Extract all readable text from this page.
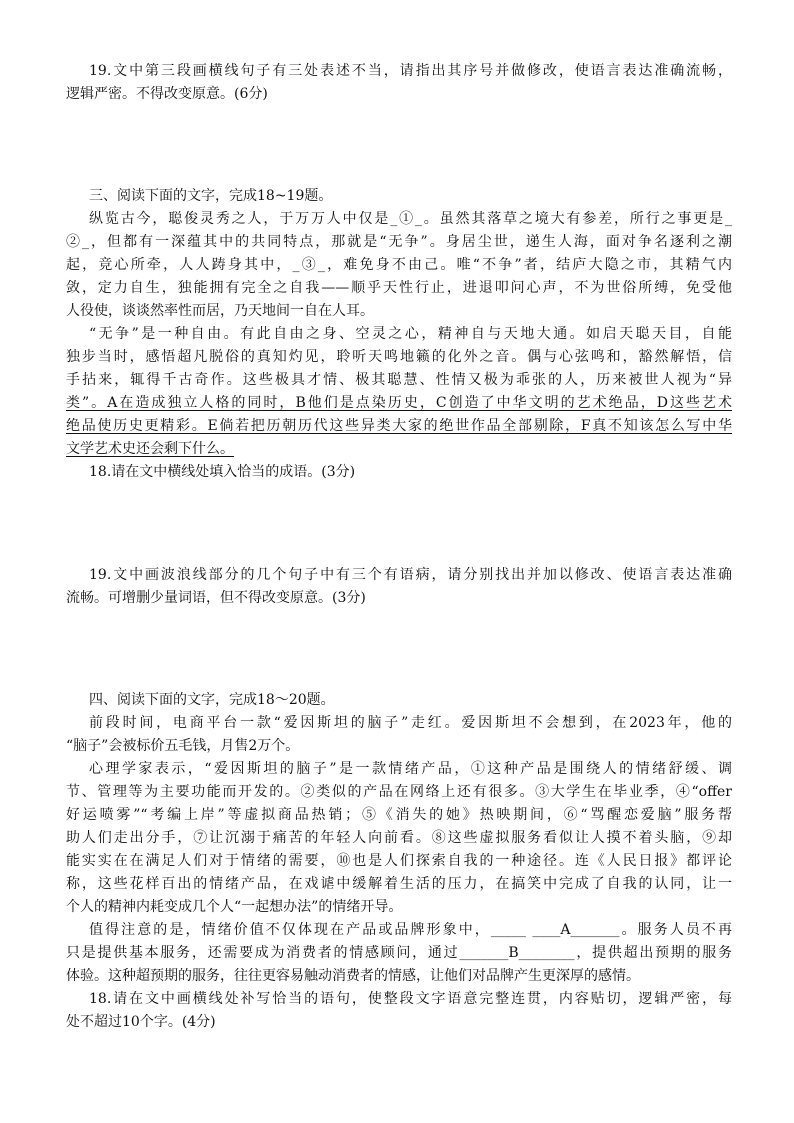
19.文中第三段画横线句子有三处表述不当，请指出其序号并做修改，使语言表达准确流畅，
逻辑严密。不得改变原意。(6分)
三、阅读下面的文字，完成18~19题。
纵览古今，聪俊灵秀之人，于万万人中仅是_①_。虽然其落草之境大有参差，所行之事更是_
②_，但都有一深蕴其中的共同特点，那就是“无争”。身居尘世，递生人海，面对争名逐利之潮
起，竞心所牵，人人踌身其中，_③_，难免身不由己。唯“不争”者，结庐大隐之市，其精气内
敛，定力自生，独能拥有完全之自我——顺乎天性行止，进退叩问心声，不为世俗所缚，免受他
人役使，谈谈然率性而居，乃天地间一自在人耳。
“无争”是一种自由。有此自由之身、空灵之心，精神自与天地大通。如启天聪天目，自能
独步当时，感悟超凡脱俗的真知灼见，聆听天鸣地籁的化外之音。偶与心弦鸣和，豁然解悟，信
手拈来，辄得千古奇作。这些极具才情、极其聪慧、性情又极为乖张的人，历来被世人视为“异
类”。A在造成独立人格的同时，B他们是点染历史，C创造了中华文明的艺术绝品，D这些艺术
绝品使历史更精彩。E倘若把历朝历代这些异类大家的绝世作品全部剔除，F真不知该怎么写中华
文学艺术史还会剩下什么。
18.请在文中横线处填入恰当的成语。(3分)
19.文中画波浪线部分的几个句子中有三个有语病，请分别找出并加以修改、使语言表达准确
流畅。可增删少量词语，但不得改变原意。(3分)
四、阅读下面的文字，完成18～20题。
前段时间，电商平台一款“爱因斯坦的脑子”走红。爱因斯坦不会想到，在2023年，他的
“脑子”会被标价五毛钱，月售2万个。
心理学家表示，“爱因斯坦的脑子”是一款情绪产品，①这种产品是围绕人的情绪舒缓、调
节、管理等为主要功能而开发的。②类似的产品在网络上还有很多。③大学生在毕业季，④“offer
好运喷雾”“考编上岸”等虚拟商品热销；⑤《消失的她》热映期间，⑥“骂醒恋爱脑”服务帮
助人们走出分手，⑦让沉溺于痛苦的年轻人向前看。⑧这些虚拟服务看似让人摸不着头脑，⑨却
能实实在在满足人们对于情绪的需要，⑩也是人们探索自我的一种途径。连《人民日报》都评论
称，这些花样百出的情绪产品，在戏谑中缓解着生活的压力，在搞笑中完成了自我的认同，让一
个人的精神内耗变成几个人“一起想办法”的情绪开导。
值得注意的是，情绪价值不仅体现在产品或品牌形象中，_____ ____A_______。服务人员不再
只是提供基本服务，还需要成为消费者的情感顾问，通过_______B________，提供超出预期的服务
体验。这种超预期的服务，往往更容易触动消费者的情感，让他们对品牌产生更深厚的感情。
18.请在文中画横线处补写恰当的语句，使整段文字语意完整连贯，内容贴切，逻辑严密，每
处不超过10个字。(4分)
